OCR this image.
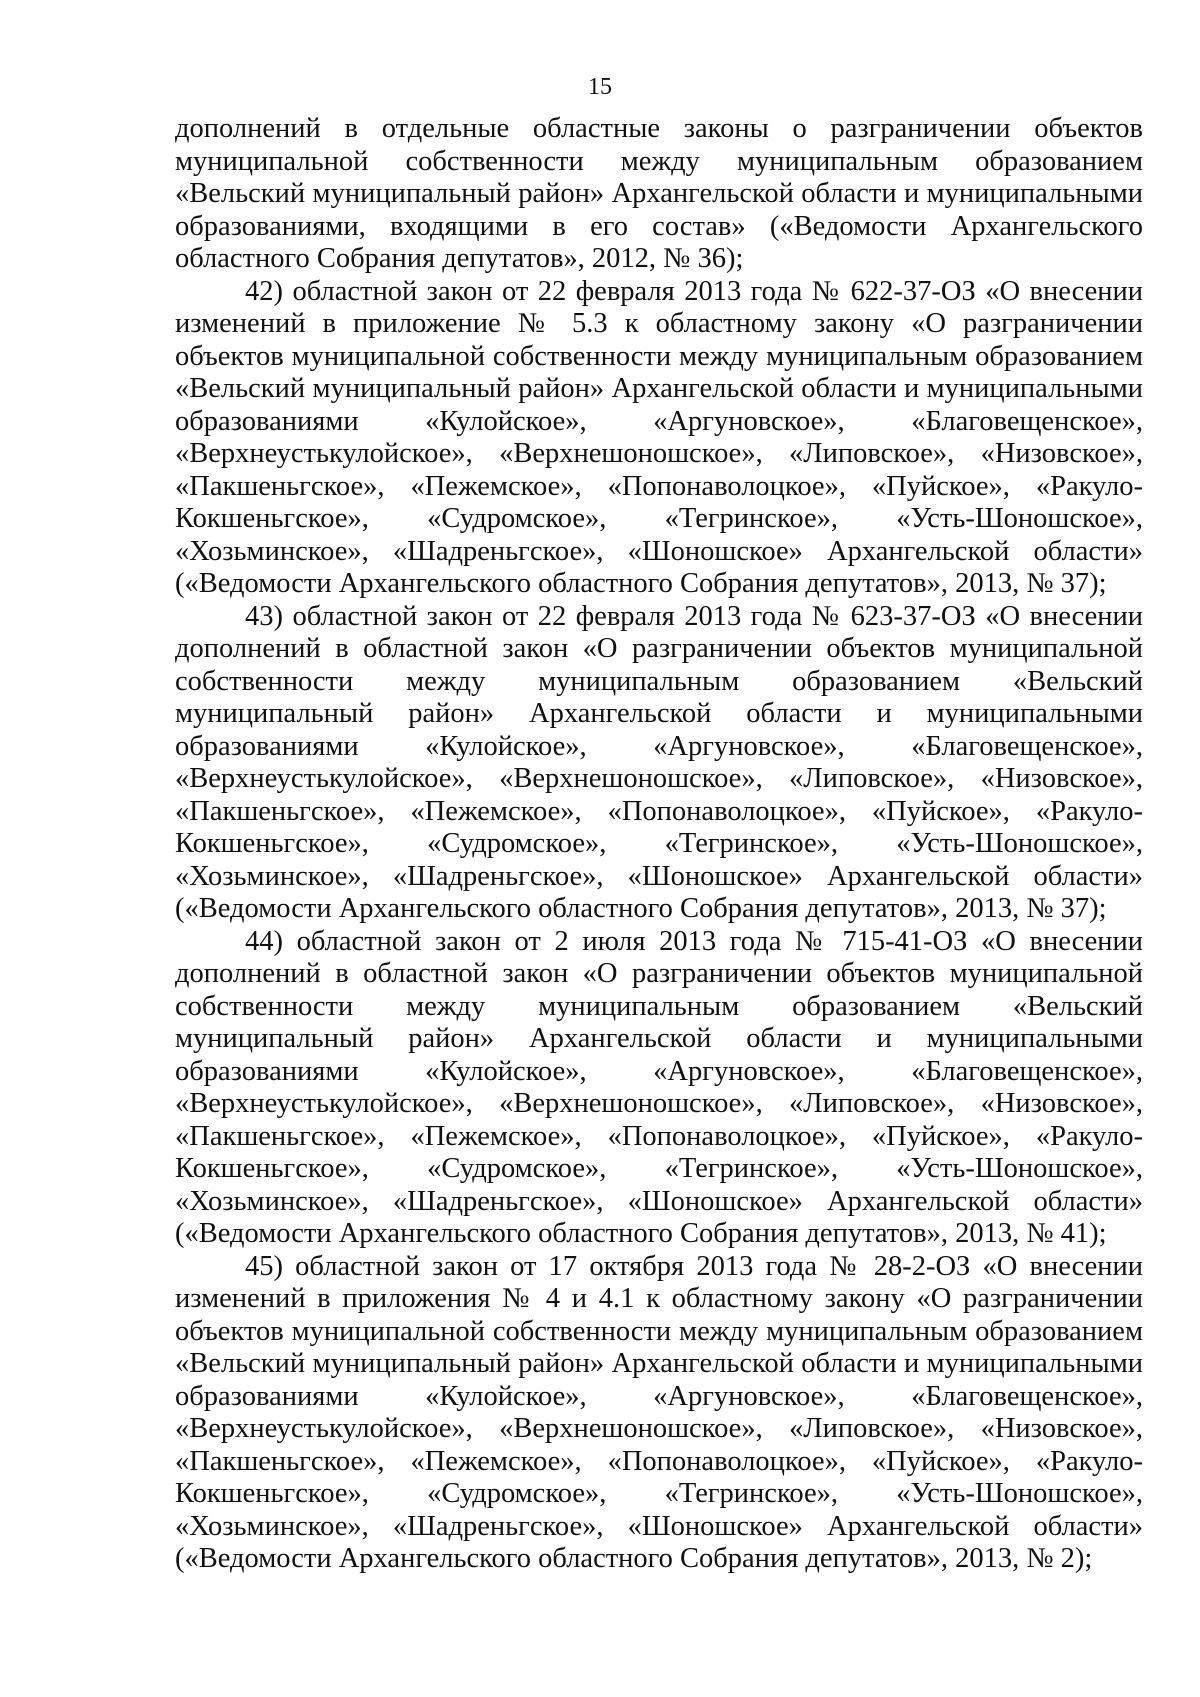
15

дополнений в отдельные областные законы о разграничении объектов муниципальной собственности между муниципальным образованием «Вельский муниципальный район» Архангельской области и муниципальными образованиями, входящими в его состав» («Ведомости Архангельского областного Собрания депутатов», 2012, № 36);

42) областной закон от 22 февраля 2013 года № 622-37-ОЗ «О внесении изменений в приложение № 5.3 к областному закону «О разграничении объектов муниципальной собственности между муниципальным образованием «Вельский муниципальный район» Архангельской области и муниципальными образованиями «Кулойское», «Аргуновское», «Благовещенское», «Верхнеустькулойское», «Верхнешоношское», «Липовское», «Низовское», «Пакшеньгское», «Пежемское», «Попонаволоцкое», «Пуйское», «Ракуло-Кокшеньгское», «Судромское», «Тегринское», «Усть-Шоношское», «Хозьминское», «Шадреньгское», «Шоношское» Архангельской области» («Ведомости Архангельского областного Собрания депутатов», 2013, № 37);

43) областной закон от 22 февраля 2013 года № 623-37-ОЗ «О внесении дополнений в областной закон «О разграничении объектов муниципальной собственности между муниципальным образованием «Вельский муниципальный район» Архангельской области и муниципальными образованиями «Кулойское», «Аргуновское», «Благовещенское», «Верхнеустькулойское», «Верхнешоношское», «Липовское», «Низовское», «Пакшеньгское», «Пежемское», «Попонаволоцкое», «Пуйское», «Ракуло-Кокшеньгское», «Судромское», «Тегринское», «Усть-Шоношское», «Хозьминское», «Шадреньгское», «Шоношское» Архангельской области» («Ведомости Архангельского областного Собрания депутатов», 2013, № 37);

44) областной закон от 2 июля 2013 года № 715-41-ОЗ «О внесении дополнений в областной закон «О разграничении объектов муниципальной собственности между муниципальным образованием «Вельский муниципальный район» Архангельской области и муниципальными образованиями «Кулойское», «Аргуновское», «Благовещенское», «Верхнеустькулойское», «Верхнешоношское», «Липовское», «Низовское», «Пакшеньгское», «Пежемское», «Попонаволоцкое», «Пуйское», «Ракуло-Кокшеньгское», «Судромское», «Тегринское», «Усть-Шоношское», «Хозьминское», «Шадреньгское», «Шоношское» Архангельской области» («Ведомости Архангельского областного Собрания депутатов», 2013, № 41);

45) областной закон от 17 октября 2013 года № 28-2-ОЗ «О внесении изменений в приложения № 4 и 4.1 к областному закону «О разграничении объектов муниципальной собственности между муниципальным образованием «Вельский муниципальный район» Архангельской области и муниципальными образованиями «Кулойское», «Аргуновское», «Благовещенское», «Верхнеустькулойское», «Верхнешоношское», «Липовское», «Низовское», «Пакшеньгское», «Пежемское», «Попонаволоцкое», «Пуйское», «Ракуло-Кокшеньгское», «Судромское», «Тегринское», «Усть-Шоношское», «Хозьминское», «Шадреньгское», «Шоношское» Архангельской области» («Ведомости Архангельского областного Собрания депутатов», 2013, № 2);
